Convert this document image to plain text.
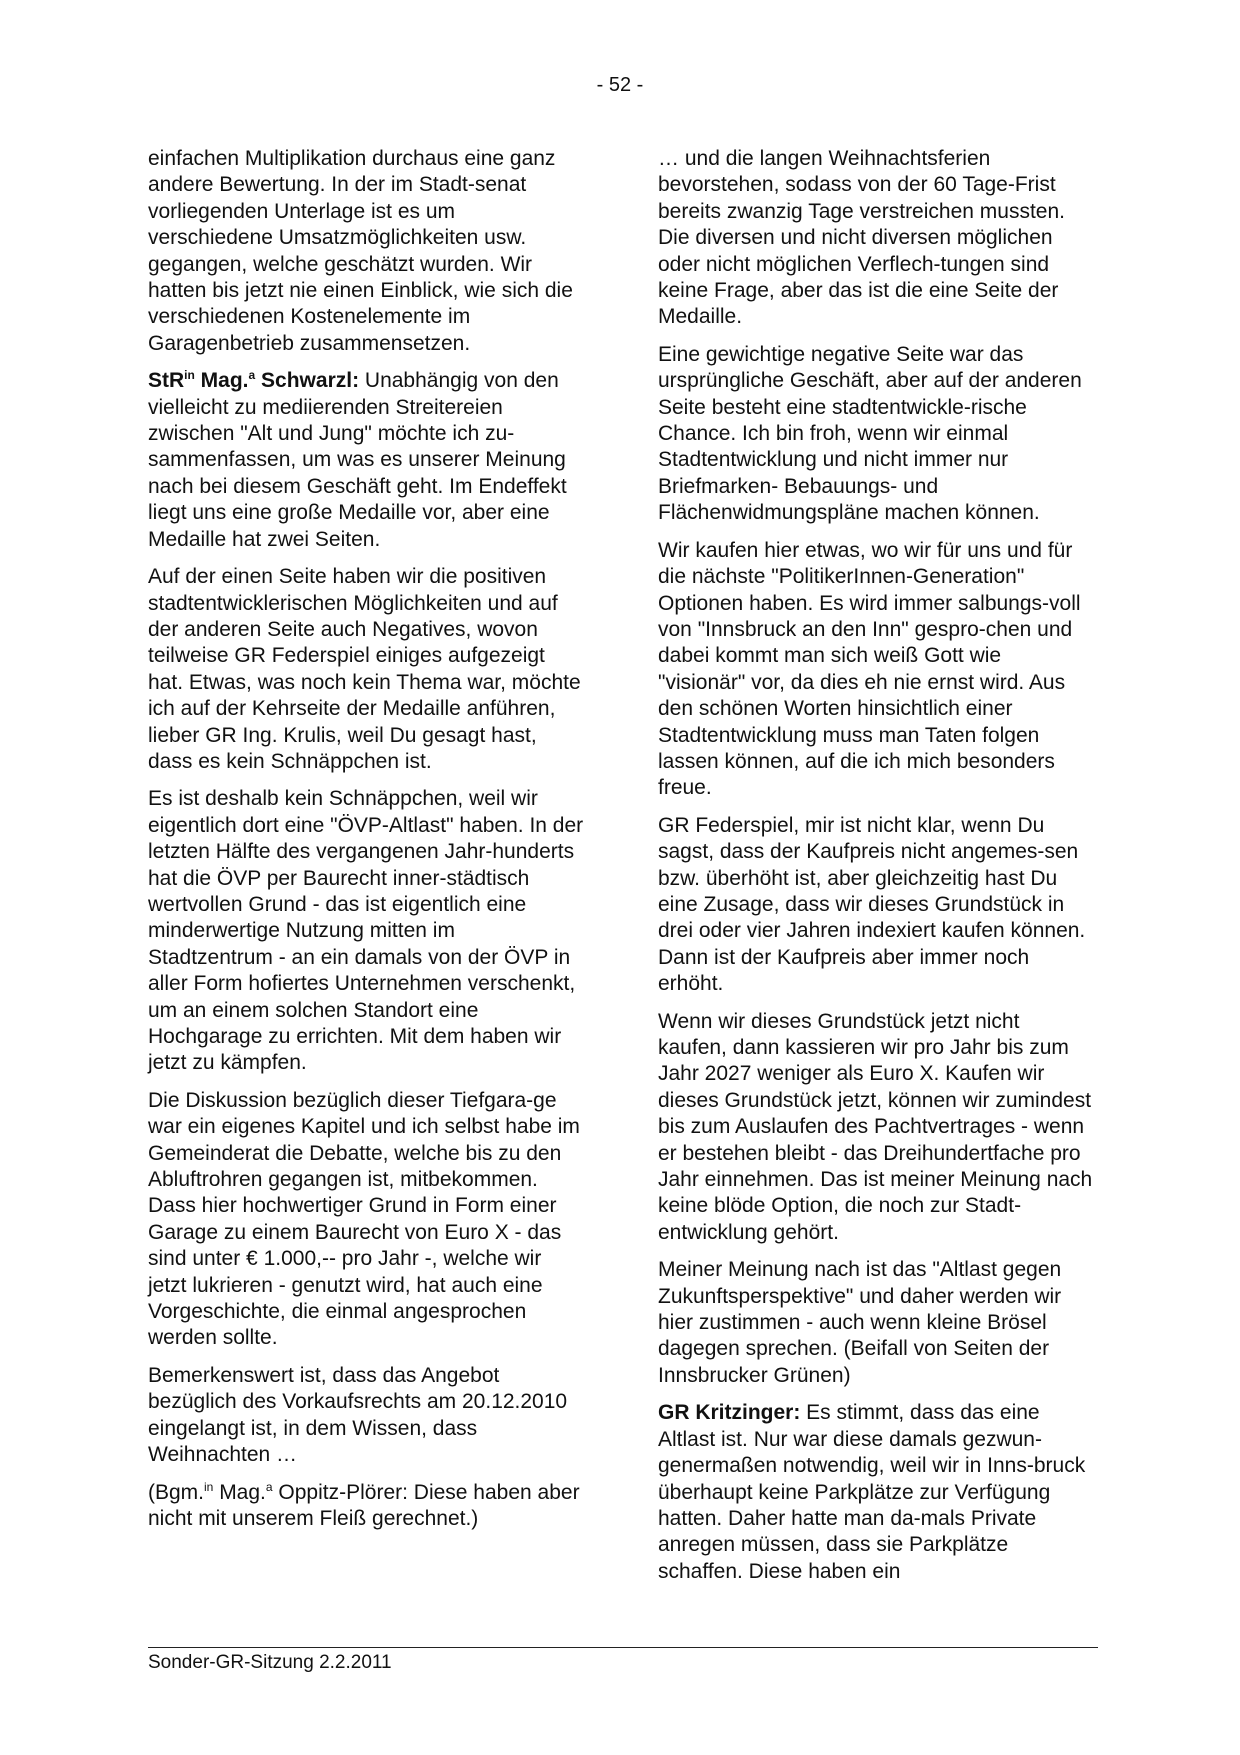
- 52 -

einfachen Multiplikation durchaus eine ganz andere Bewertung. In der im Stadt-senat vorliegenden Unterlage ist es um verschiedene Umsatzmöglichkeiten usw. gegangen, welche geschätzt wurden. Wir hatten bis jetzt nie einen Einblick, wie sich die verschiedenen Kostenelemente im Garagenbetrieb zusammensetzen.

StR$^{in}$ Mag.$^a$ Schwarzl: Unabhängig von den vielleicht zu mediierenden Streitereien zwischen "Alt und Jung" möchte ich zu-sammenfassen, um was es unserer Meinung nach bei diesem Geschäft geht. Im Endeffekt liegt uns eine große Medaille vor, aber eine Medaille hat zwei Seiten.

Auf der einen Seite haben wir die positiven stadtentwicklerischen Möglichkeiten und auf der anderen Seite auch Negatives, wovon teilweise GR Federspiel einiges aufgezeigt hat. Etwas, was noch kein Thema war, möchte ich auf der Kehrseite der Medaille anführen, lieber GR Ing. Krulis, weil Du gesagt hast, dass es kein Schnäppchen ist.

Es ist deshalb kein Schnäppchen, weil wir eigentlich dort eine "ÖVP-Altlast" haben. In der letzten Hälfte des vergangenen Jahr-hunderts hat die ÖVP per Baurecht inner-städtisch wertvollen Grund - das ist eigentlich eine minderwertige Nutzung mitten im Stadtzentrum - an ein damals von der ÖVP in aller Form hofiertes Unternehmen verschenkt, um an einem solchen Standort eine Hochgarage zu errichten. Mit dem haben wir jetzt zu kämpfen.

Die Diskussion bezüglich dieser Tiefgara-ge war ein eigenes Kapitel und ich selbst habe im Gemeinderat die Debatte, welche bis zu den Abluftrohren gegangen ist, mitbekommen. Dass hier hochwertiger Grund in Form einer Garage zu einem Baurecht von Euro X - das sind unter € 1.000,-- pro Jahr -, welche wir jetzt lukrieren - genutzt wird, hat auch eine Vorgeschichte, die einmal angesprochen werden sollte.

Bemerkenswert ist, dass das Angebot bezüglich des Vorkaufsrechts am 20.12.2010 eingelangt ist, in dem Wissen, dass Weihnachten …

(Bgm.$^{in}$ Mag.$^a$ Oppitz-Plörer: Diese haben aber nicht mit unserem Fleiß gerechnet.)

… und die langen Weihnachtsferien bevorstehen, sodass von der 60 Tage-Frist bereits zwanzig Tage verstreichen mussten. Die diversen und nicht diversen möglichen oder nicht möglichen Verflech-tungen sind keine Frage, aber das ist die eine Seite der Medaille.

Eine gewichtige negative Seite war das ursprüngliche Geschäft, aber auf der anderen Seite besteht eine stadtentwickle-rische Chance. Ich bin froh, wenn wir einmal Stadtentwicklung und nicht immer nur Briefmarken- Bebauungs- und Flächenwidmungspläne machen können.

Wir kaufen hier etwas, wo wir für uns und für die nächste "PolitikerInnen-Generation" Optionen haben. Es wird immer salbungs-voll von "Innsbruck an den Inn" gespro-chen und dabei kommt man sich weiß Gott wie "visionär" vor, da dies eh nie ernst wird. Aus den schönen Worten hinsichtlich einer Stadtentwicklung muss man Taten folgen lassen können, auf die ich mich besonders freue.

GR Federspiel, mir ist nicht klar, wenn Du sagst, dass der Kaufpreis nicht angemes-sen bzw. überhöht ist, aber gleichzeitig hast Du eine Zusage, dass wir dieses Grundstück in drei oder vier Jahren indexiert kaufen können. Dann ist der Kaufpreis aber immer noch erhöht.

Wenn wir dieses Grundstück jetzt nicht kaufen, dann kassieren wir pro Jahr bis zum Jahr 2027 weniger als Euro X. Kaufen wir dieses Grundstück jetzt, können wir zumindest bis zum Auslaufen des Pachtvertrages - wenn er bestehen bleibt - das Dreihundertfache pro Jahr einnehmen. Das ist meiner Meinung nach keine blöde Option, die noch zur Stadt-entwicklung gehört.

Meiner Meinung nach ist das "Altlast gegen Zukunftsperspektive" und daher werden wir hier zustimmen - auch wenn kleine Brösel dagegen sprechen. (Beifall von Seiten der Innsbrucker Grünen)

GR Kritzinger: Es stimmt, dass das eine Altlast ist. Nur war diese damals gezwun-genermaßen notwendig, weil wir in Inns-bruck überhaupt keine Parkplätze zur Verfügung hatten. Daher hatte man da-mals Private anregen müssen, dass sie Parkplätze schaffen. Diese haben ein

Sonder-GR-Sitzung 2.2.2011
